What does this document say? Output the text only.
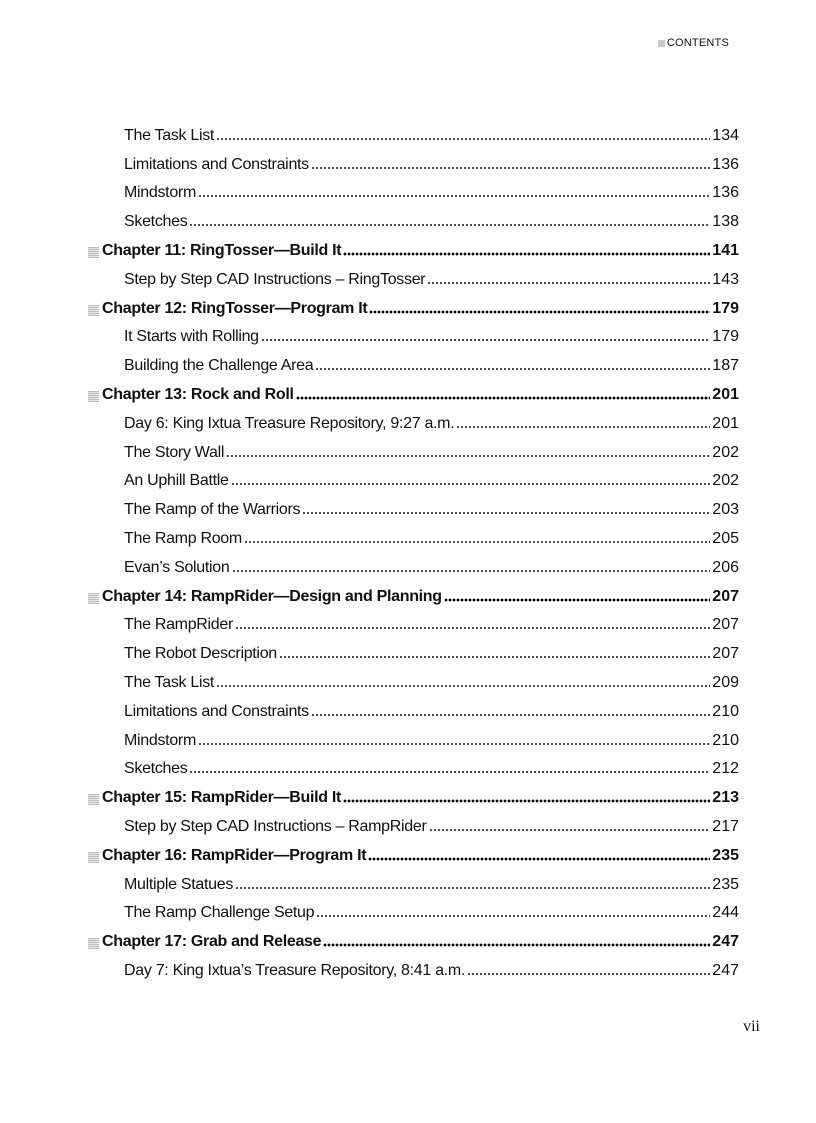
CONTENTS
The Task List	134
Limitations and Constraints	136
Mindstorm	136
Sketches	138
Chapter 11: RingTosser—Build It	141
Step by Step CAD Instructions – RingTosser	143
Chapter 12: RingTosser—Program It	179
It Starts with Rolling	179
Building the Challenge Area	187
Chapter 13: Rock and Roll	201
Day 6: King Ixtua Treasure Repository, 9:27 a.m.	201
The Story Wall	202
An Uphill Battle	202
The Ramp of the Warriors	203
The Ramp Room	205
Evan’s Solution	206
Chapter 14: RampRider—Design and Planning	207
The RampRider	207
The Robot Description	207
The Task List	209
Limitations and Constraints	210
Mindstorm	210
Sketches	212
Chapter 15: RampRider—Build It	213
Step by Step CAD Instructions – RampRider	217
Chapter 16: RampRider—Program It	235
Multiple Statues	235
The Ramp Challenge Setup	244
Chapter 17: Grab and Release	247
Day 7: King Ixtua’s Treasure Repository, 8:41 a.m.	247
vii
